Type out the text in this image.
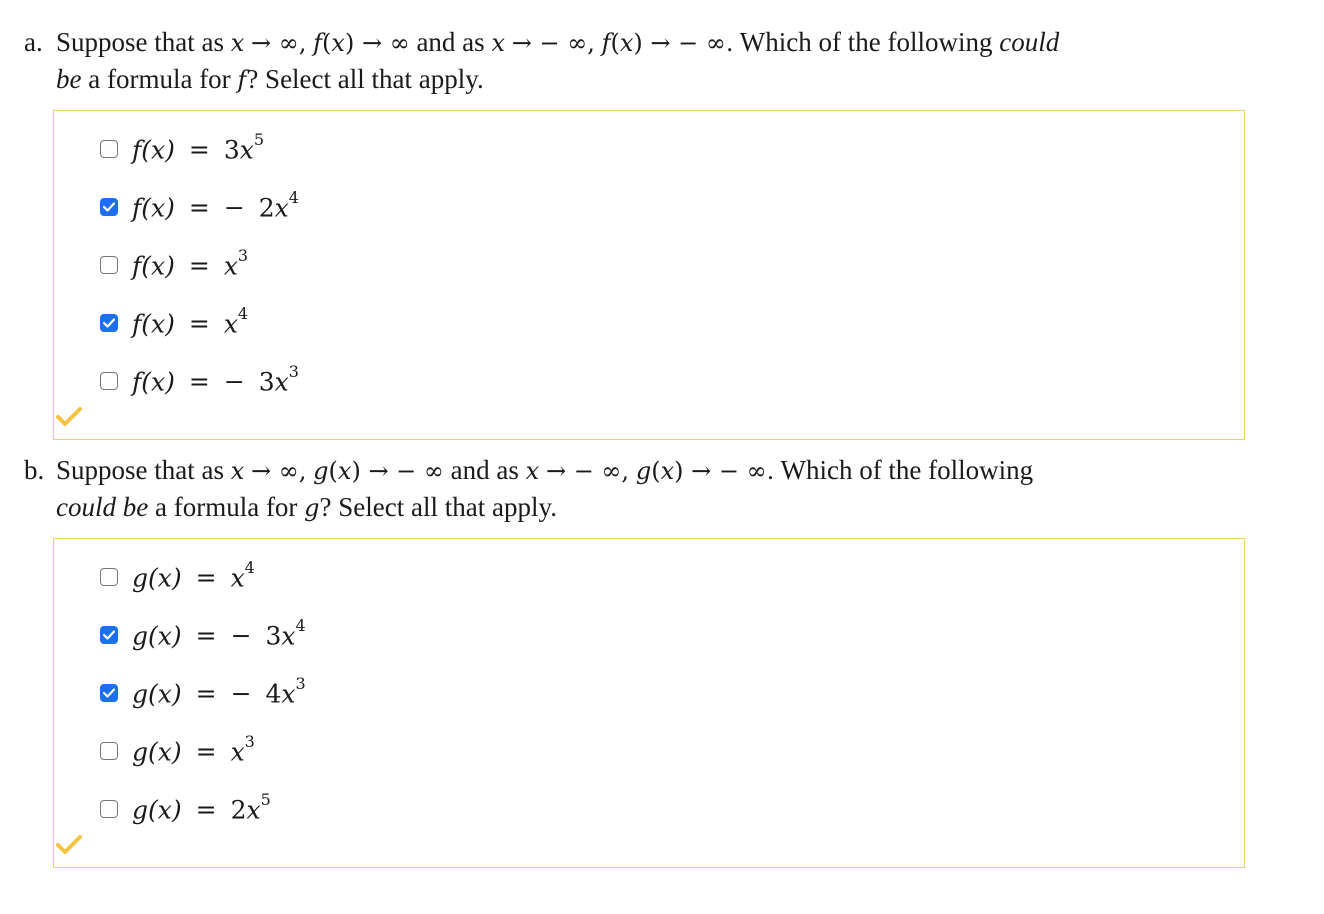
a. Suppose that as x → ∞, f(x) → ∞ and as x → − ∞, f(x) → − ∞. Which of the following could
be a formula for f? Select all that apply.
$f(x) = 3x^5$
f(x) = − $2x^4$
$f(x) = x^3$
$f(x) = x^4$
f(x) = − $3x^3$
b. Suppose that as x → ∞, g(x) → − ∞ and as x → − ∞, g(x) → − ∞. Which of the following
could be a formula for g? Select all that apply.
$g(x) = x^4$
g(x) = − $3x^4$
g(x) = − $4x^3$
$g(x) = x^3$
$g(x) = 2x^5$
